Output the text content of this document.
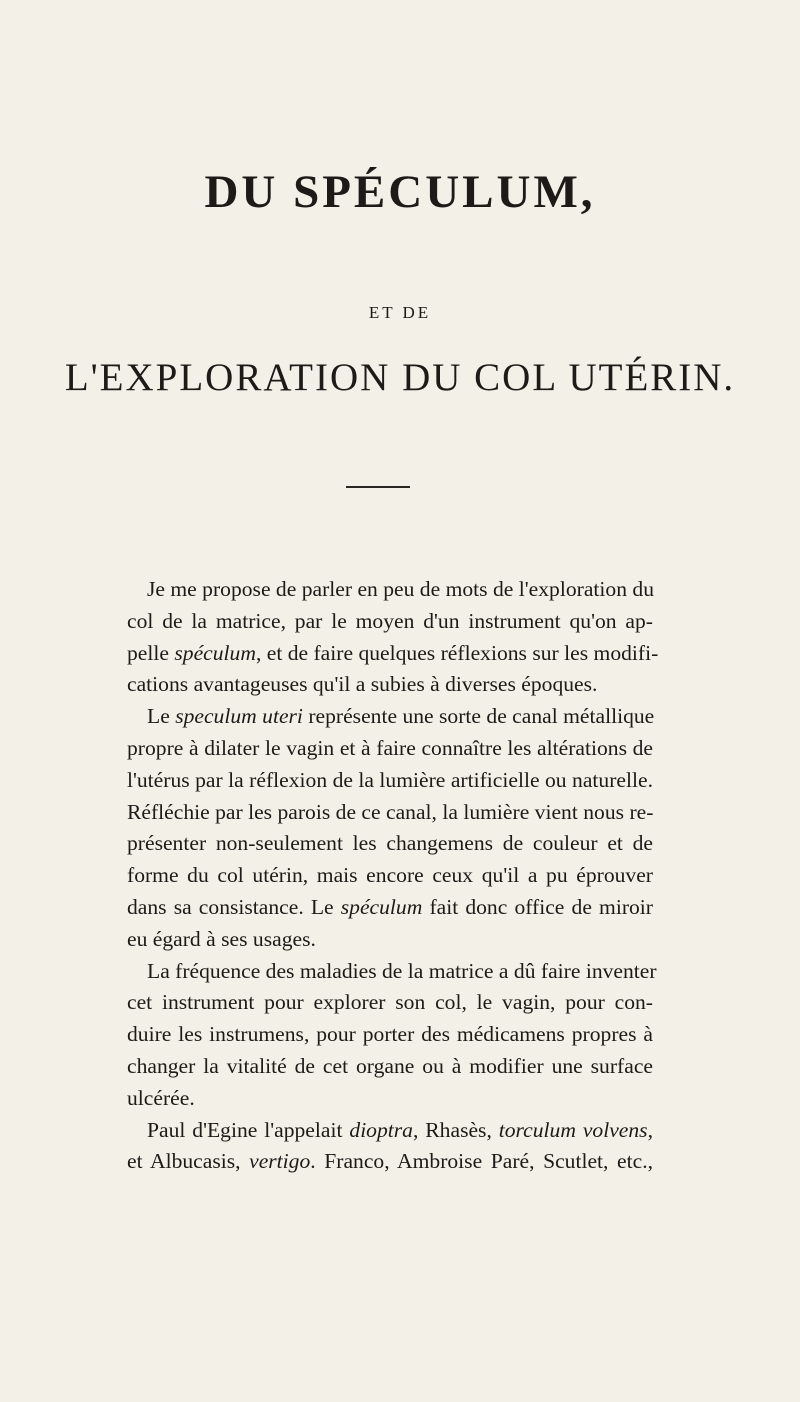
DU SPÉCULUM,
ET DE
L'EXPLORATION DU COL UTÉRIN.
Je me propose de parler en peu de mots de l'exploration du
col de la matrice, par le moyen d'un instrument qu'on ap-
pelle spéculum, et de faire quelques réflexions sur les modifi-
cations avantageuses qu'il a subies à diverses époques.
Le speculum uteri représente une sorte de canal métallique
propre à dilater le vagin et à faire connaître les altérations de
l'utérus par la réflexion de la lumière artificielle ou naturelle.
Réfléchie par les parois de ce canal, la lumière vient nous re-
présenter non-seulement les changemens de couleur et de
forme du col utérin, mais encore ceux qu'il a pu éprouver
dans sa consistance. Le spéculum fait donc office de miroir
eu égard à ses usages.
La fréquence des maladies de la matrice a dû faire inventer
cet instrument pour explorer son col, le vagin, pour con-
duire les instrumens, pour porter des médicamens propres à
changer la vitalité de cet organe ou à modifier une surface
ulcérée.
Paul d'Egine l'appelait dioptra, Rhasès, torculum volvens,
et Albucasis, vertigo. Franco, Ambroise Paré, Scutlet, etc.,
